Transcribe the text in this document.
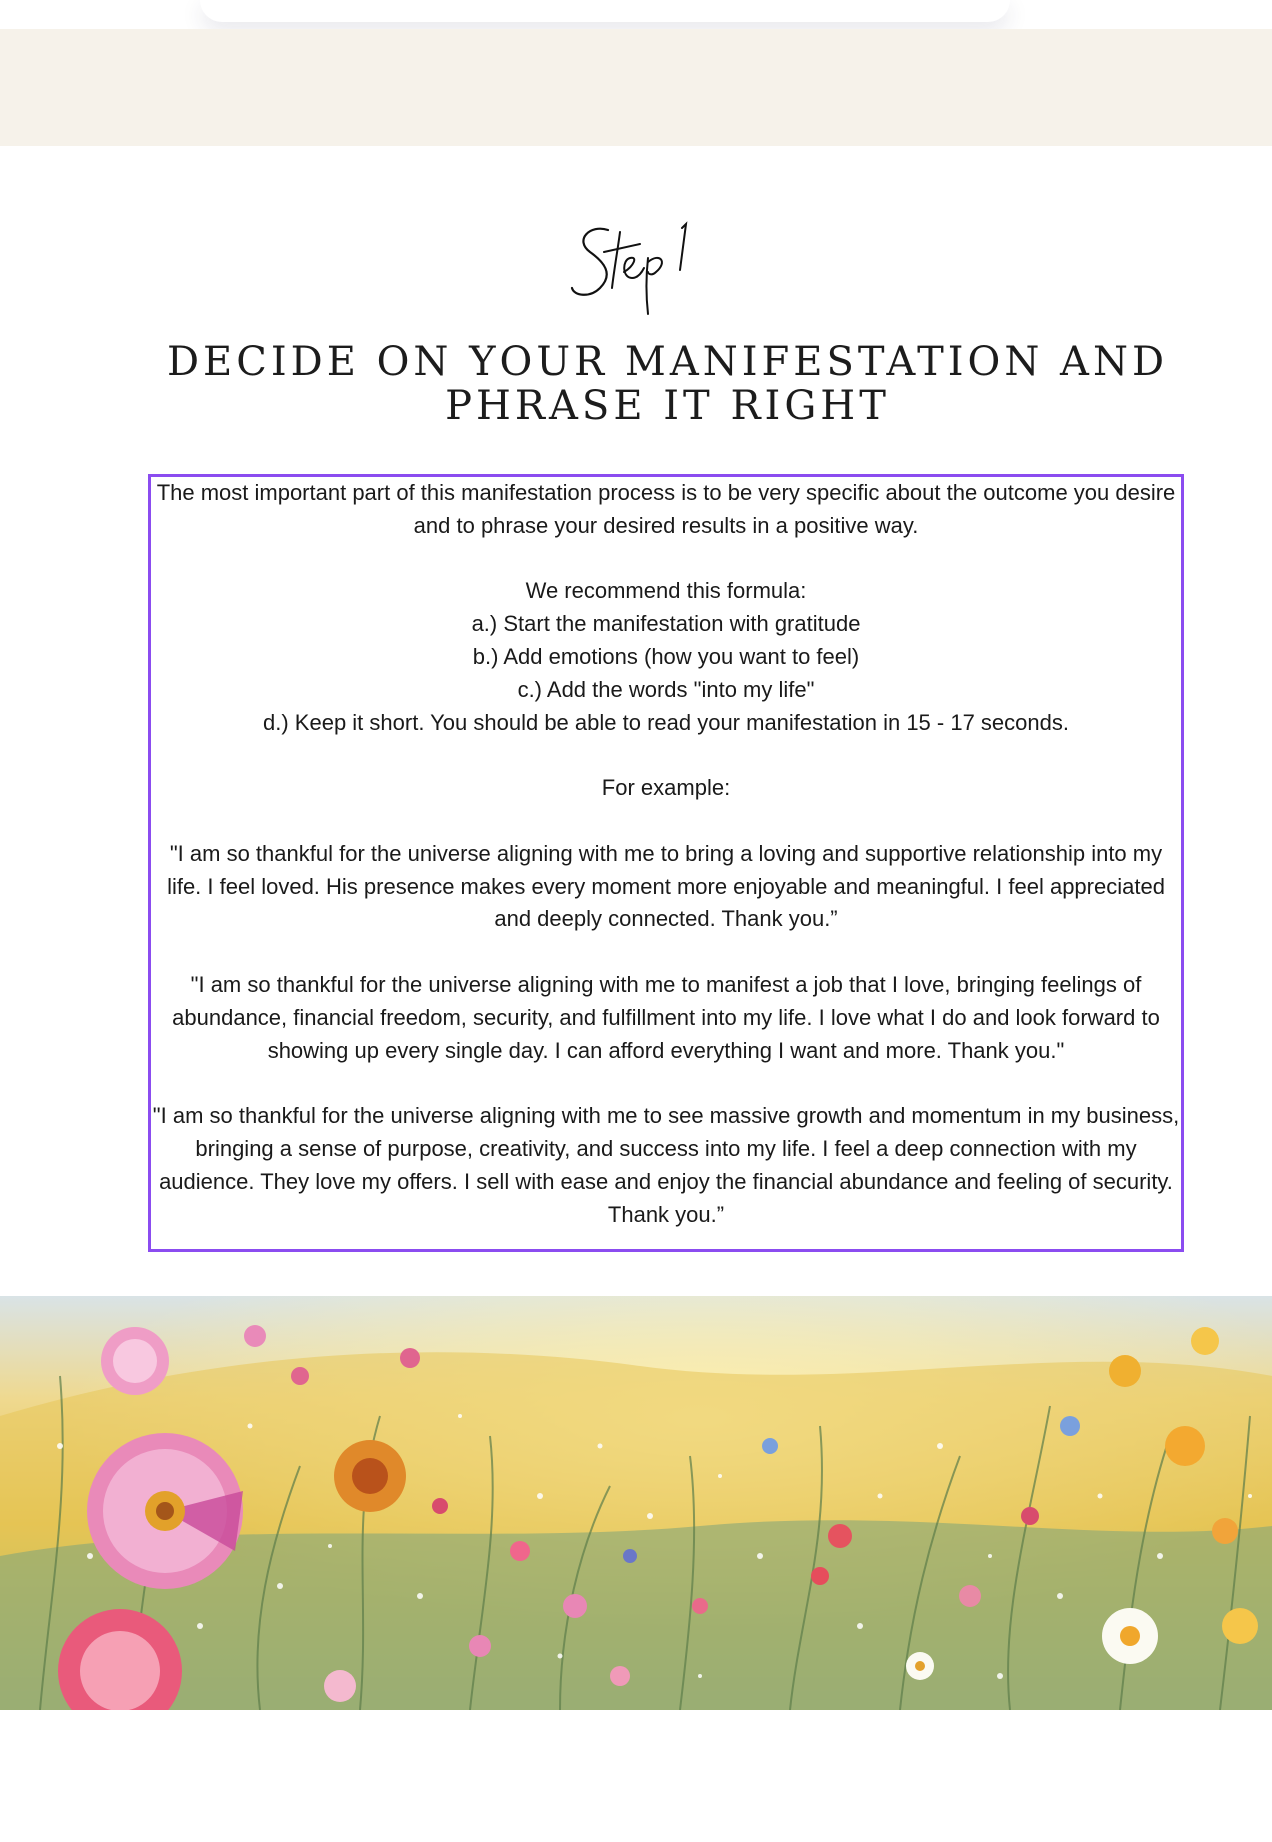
DECIDE ON YOUR MANIFESTATION AND
PHRASE IT RIGHT

The most important part of this manifestation process is to be very specific about the outcome you desire and to phrase your desired results in a positive way.

We recommend this formula:

a.) Start the manifestation with gratitude
b.) Add emotions (how you want to feel)
c.) Add the words "into my life"
d.) Keep it short. You should be able to read your manifestation in 15 - 17 seconds.

For example:

"I am so thankful for the universe aligning with me to bring a loving and supportive relationship into my life. I feel loved. His presence makes every moment more enjoyable and meaningful. I feel appreciated and deeply connected. Thank you.”

"I am so thankful for the universe aligning with me to manifest a job that I love, bringing feelings of abundance, financial freedom, security, and fulfillment into my life. I love what I do and look forward to showing up every single day. I can afford everything I want and more. Thank you."

"I am so thankful for the universe aligning with me to see massive growth and momentum in my business, bringing a sense of purpose, creativity, and success into my life. I feel a deep connection with my audience. They love my offers. I sell with ease and enjoy the financial abundance and feeling of security. Thank you.”
